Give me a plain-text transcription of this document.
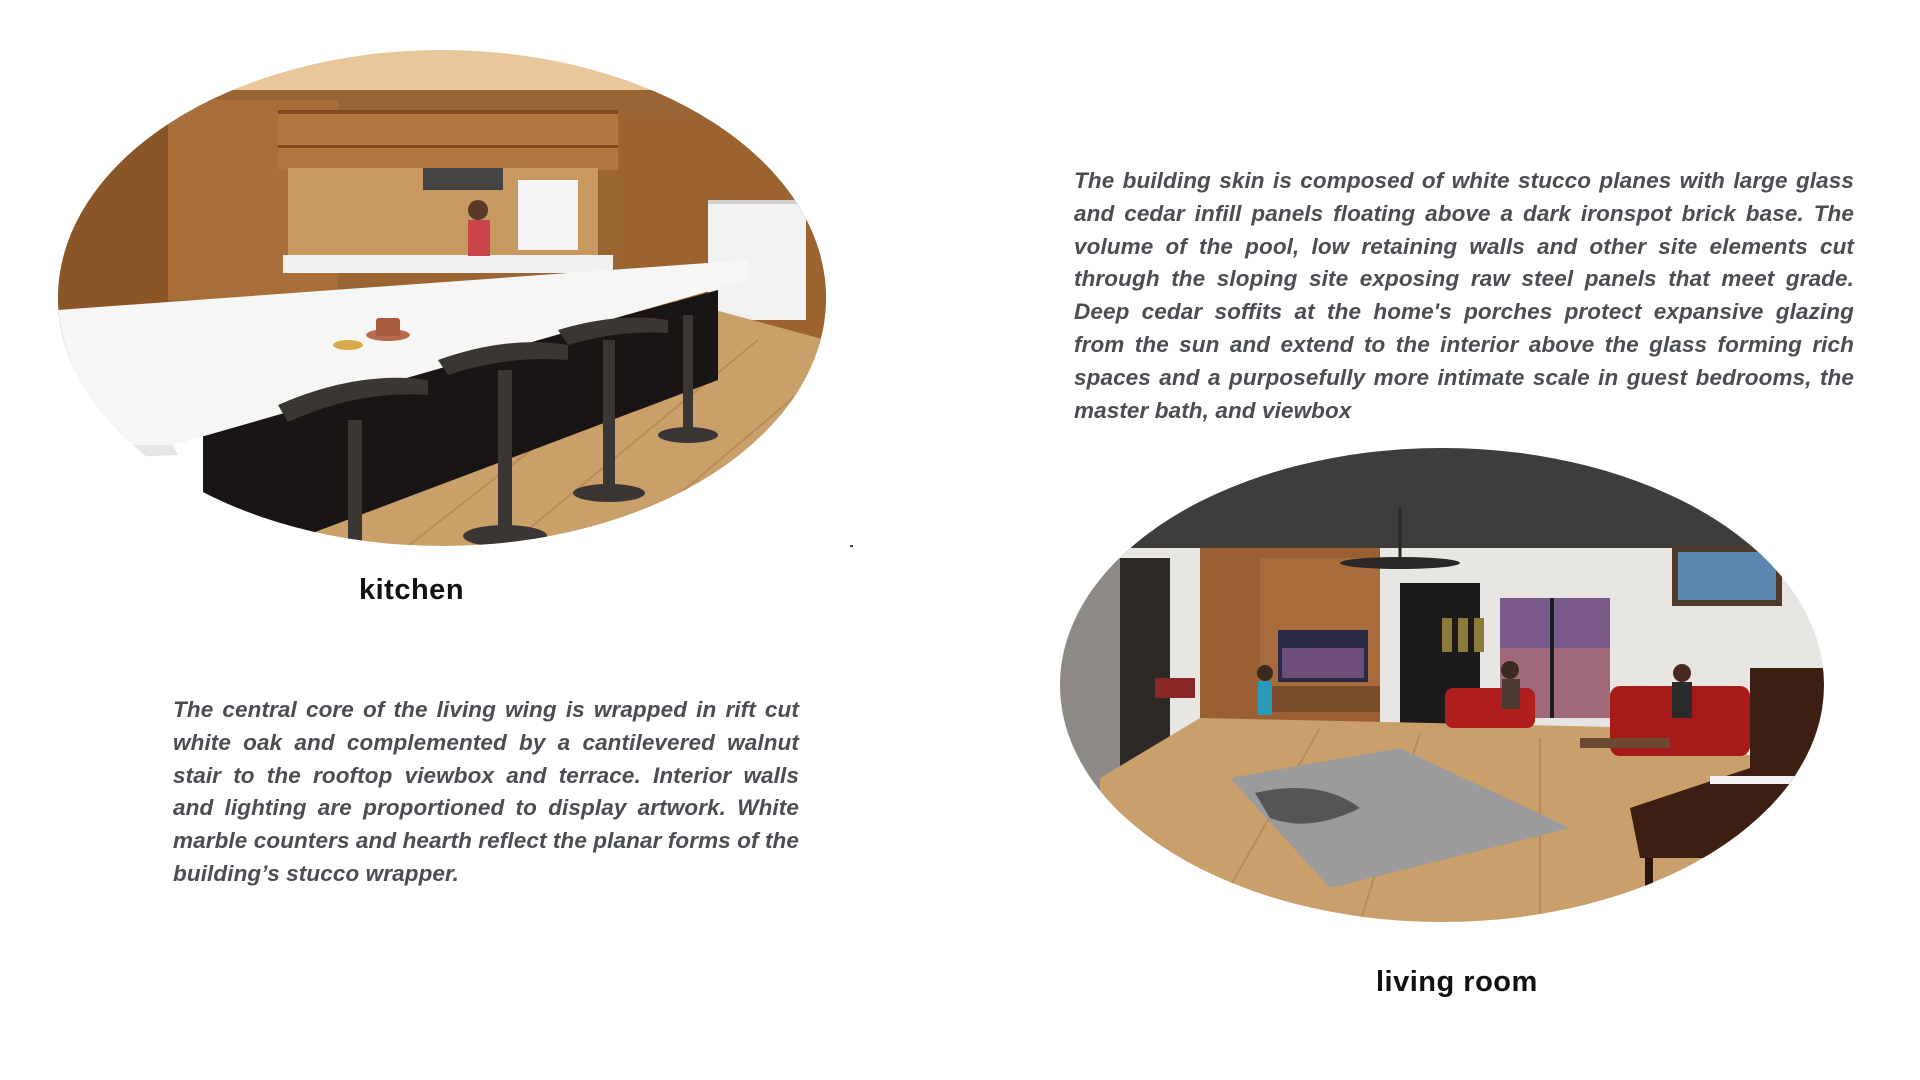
kitchen
The building skin is composed of white stucco planes with large glass and cedar infill panels floating above a dark ironspot brick base. The volume of the pool, low retaining walls and other site elements cut through the sloping site exposing raw steel panels that meet grade. Deep cedar soffits at the home's porches protect expansive glazing from the sun and extend to the interior above the glass forming rich spaces and a purposefully more intimate scale in guest bedrooms, the master bath, and viewbox
The central core of the living wing is wrapped in rift cut white oak and complemented by a cantilevered walnut stair to the rooftop viewbox and terrace. Interior walls and lighting are proportioned to display artwork. White marble counters and hearth reflect the planar forms of the building’s stucco wrapper.
living room
